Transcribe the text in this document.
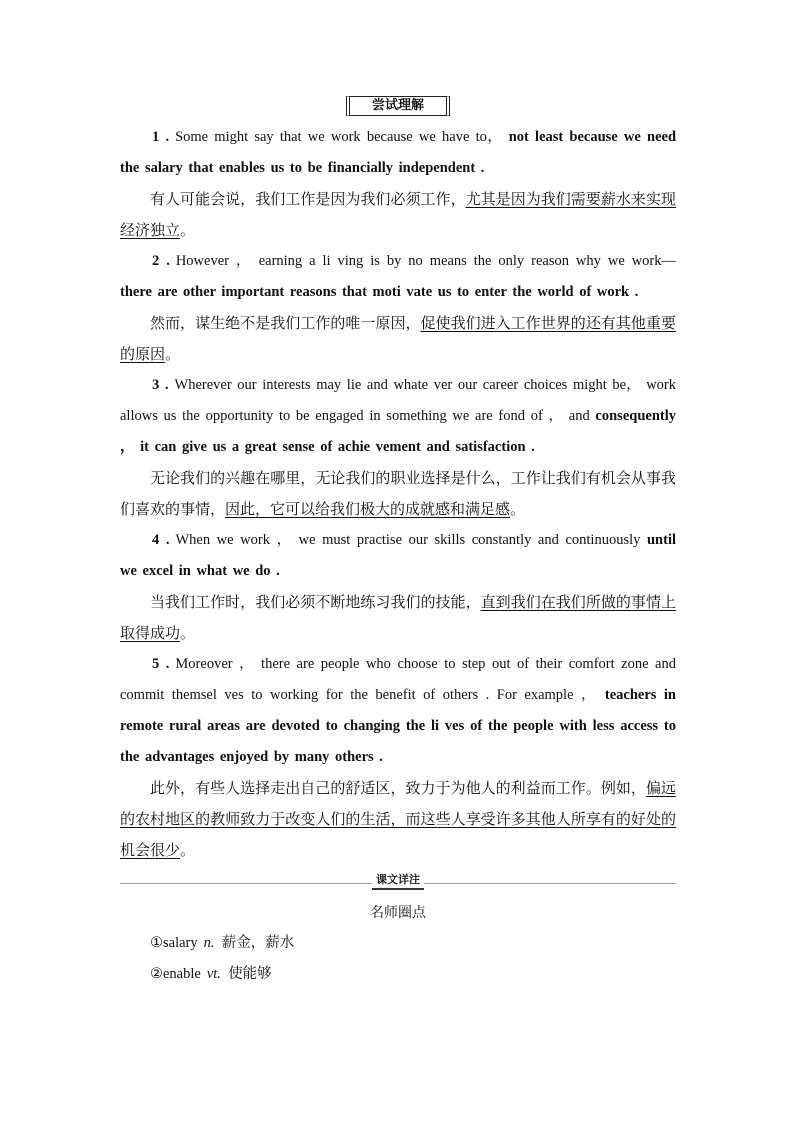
尝试理解

1 . Some might say that we work because we have to， not least because we need the salary that enables us to be financially independent .

有人可能会说，我们工作是因为我们必须工作，尤其是因为我们需要薪水来实现经济独立。

2 . However ， earning a li ving is by no means the only reason why we work—there are other important reasons that moti vate us to enter the world of work .

然而，谋生绝不是我们工作的唯一原因，促使我们进入工作世界的还有其他重要的原因。

3 . Wherever our interests may lie and whate ver our career choices might be， work allows us the opportunity to be engaged in something we are fond of ， and consequently ， it can give us a great sense of achie vement and satisfaction .

无论我们的兴趣在哪里，无论我们的职业选择是什么，工作让我们有机会从事我们喜欢的事情，因此，它可以给我们极大的成就感和满足感。

4 . When we work ， we must practise our skills constantly and continuously until we excel in what we do .

当我们工作时，我们必须不断地练习我们的技能，直到我们在我们所做的事情上取得成功。

5 . Moreover ， there are people who choose to step out of their comfort zone and commit themsel ves to working for the benefit of others . For example ， teachers in remote rural areas are devoted to changing the li ves of the people with less access to the advantages enjoyed by many others .

此外，有些人选择走出自己的舒适区，致力于为他人的利益而工作。例如，偏远的农村地区的教师致力于改变人们的生活，而这些人享受许多其他人所享有的好处的机会很少。

课文详注
名师圈点
①salary n. 薪金，薪水
②enable vt. 使能够
